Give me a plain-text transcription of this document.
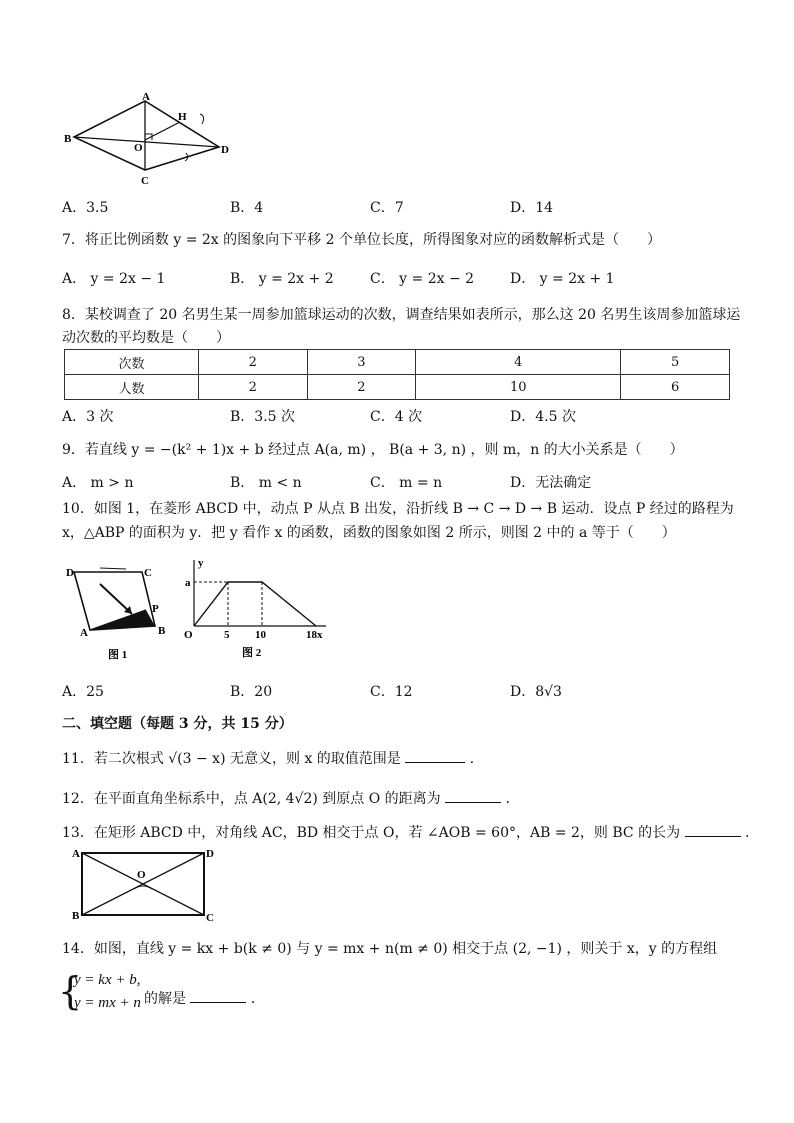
A
B
O
H
D
C
A．3.5	B．4	C．7	D．14
7．将正比例函数 y = 2x 的图象向下平移 2 个单位长度，所得图象对应的函数解析式是（　　）
A． y = 2x − 1	B． y = 2x + 2	C． y = 2x − 2	D． y = 2x + 1
8．某校调查了 20 名男生某一周参加篮球运动的次数，调查结果如表所示，那么这 20 名男生该周参加篮球运
动次数的平均数是（　　）
次数	2	3	4	5
人数	2	2	10	6
A．3 次	B．3.5 次	C．4 次	D．4.5 次
9．若直线 y = −(k² + 1)x + b 经过点 A(a, m) ， B(a + 3, n) ，则 m，n 的大小关系是（　　）
A． m > n	B． m < n	C． m = n	D．无法确定
10．如图 1，在菱形 ABCD 中，动点 P 从点 B 出发，沿折线 B → C → D → B 运动．设点 P 经过的路程为
x，△ABP 的面积为 y．把 y 看作 x 的函数，函数的图象如图 2 所示，则图 2 中的 a 等于（　　）
D	C
P
A	B
图 1
y
a
O	5 10	18x
图 2
A．25	B．20	C．12	D．8√3
二、填空题（每题 3 分，共 15 分）
11．若二次根式 √(3 − x) 无意义，则 x 的取值范围是	．
12．在平面直角坐标系中，点 A(2, 4√2) 到原点 O 的距离为	．
13．在矩形 ABCD 中，对角线 AC，BD 相交于点 O，若 ∠AOB = 60°，AB = 2，则 BC 的长为	．
A	D
O
B	C
14．如图，直线 y = kx + b(k ≠ 0) 与 y = mx + n(m ≠ 0) 相交于点 (2, −1) ，则关于 x，y 的方程组
{
y = kx + b,
y = mx + n 的解是	．
